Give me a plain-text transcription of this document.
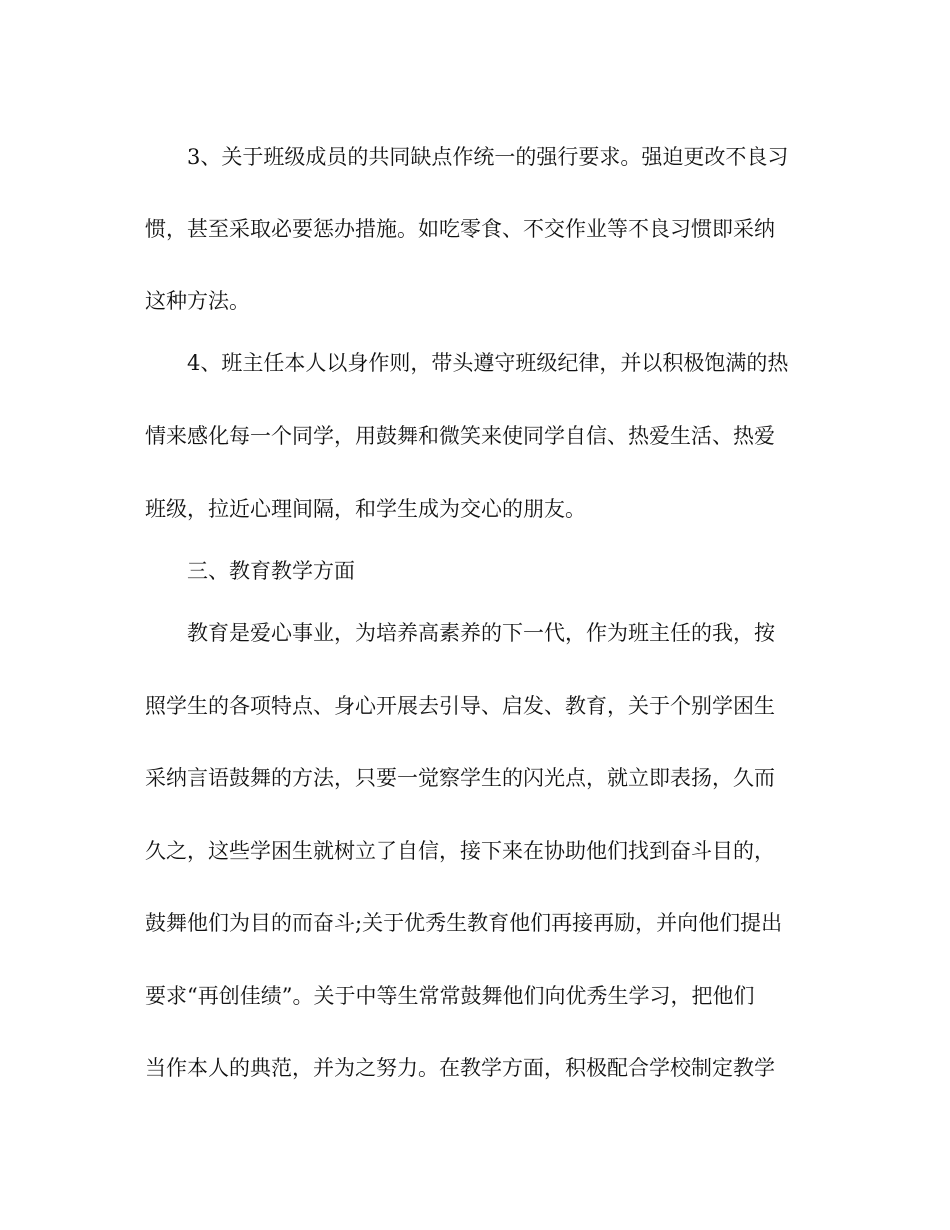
3、关于班级成员的共同缺点作统一的强行要求。强迫更改不良习

惯，甚至采取必要惩办措施。如吃零食、不交作业等不良习惯即采纳

这种方法。

4、班主任本人以身作则，带头遵守班级纪律，并以积极饱满的热

情来感化每一个同学，用鼓舞和微笑来使同学自信、热爱生活、热爱

班级，拉近心理间隔，和学生成为交心的朋友。

三、教育教学方面

教育是爱心事业，为培养高素养的下一代，作为班主任的我，按

照学生的各项特点、身心开展去引导、启发、教育，关于个别学困生

采纳言语鼓舞的方法，只要一觉察学生的闪光点，就立即表扬，久而

久之，这些学困生就树立了自信，接下来在协助他们找到奋斗目的，

鼓舞他们为目的而奋斗;关于优秀生教育他们再接再励，并向他们提出

要求“再创佳绩”。关于中等生常常鼓舞他们向优秀生学习，把他们

当作本人的典范，并为之努力。在教学方面，积极配合学校制定教学
